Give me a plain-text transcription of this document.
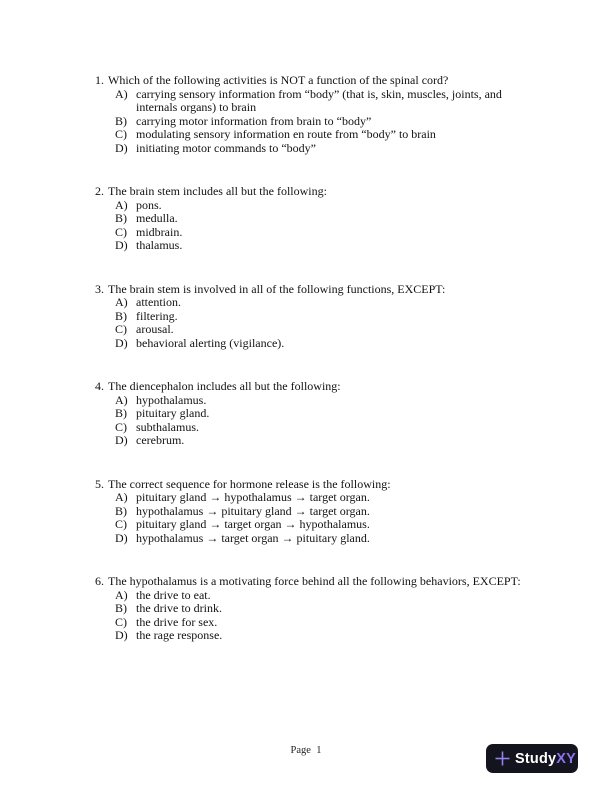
1. Which of the following activities is NOT a function of the spinal cord?
A) carrying sensory information from “body” (that is, skin, muscles, joints, and internals organs) to brain
B) carrying motor information from brain to “body”
C) modulating sensory information en route from “body” to brain
D) initiating motor commands to “body”
2. The brain stem includes all but the following:
A) pons.
B) medulla.
C) midbrain.
D) thalamus.
3. The brain stem is involved in all of the following functions, EXCEPT:
A) attention.
B) filtering.
C) arousal.
D) behavioral alerting (vigilance).
4. The diencephalon includes all but the following:
A) hypothalamus.
B) pituitary gland.
C) subthalamus.
D) cerebrum.
5. The correct sequence for hormone release is the following:
A) pituitary gland → hypothalamus → target organ.
B) hypothalamus → pituitary gland → target organ.
C) pituitary gland → target organ → hypothalamus.
D) hypothalamus → target organ → pituitary gland.
6. The hypothalamus is a motivating force behind all the following behaviors, EXCEPT:
A) the drive to eat.
B) the drive to drink.
C) the drive for sex.
D) the rage response.
Page  1	Study XY
